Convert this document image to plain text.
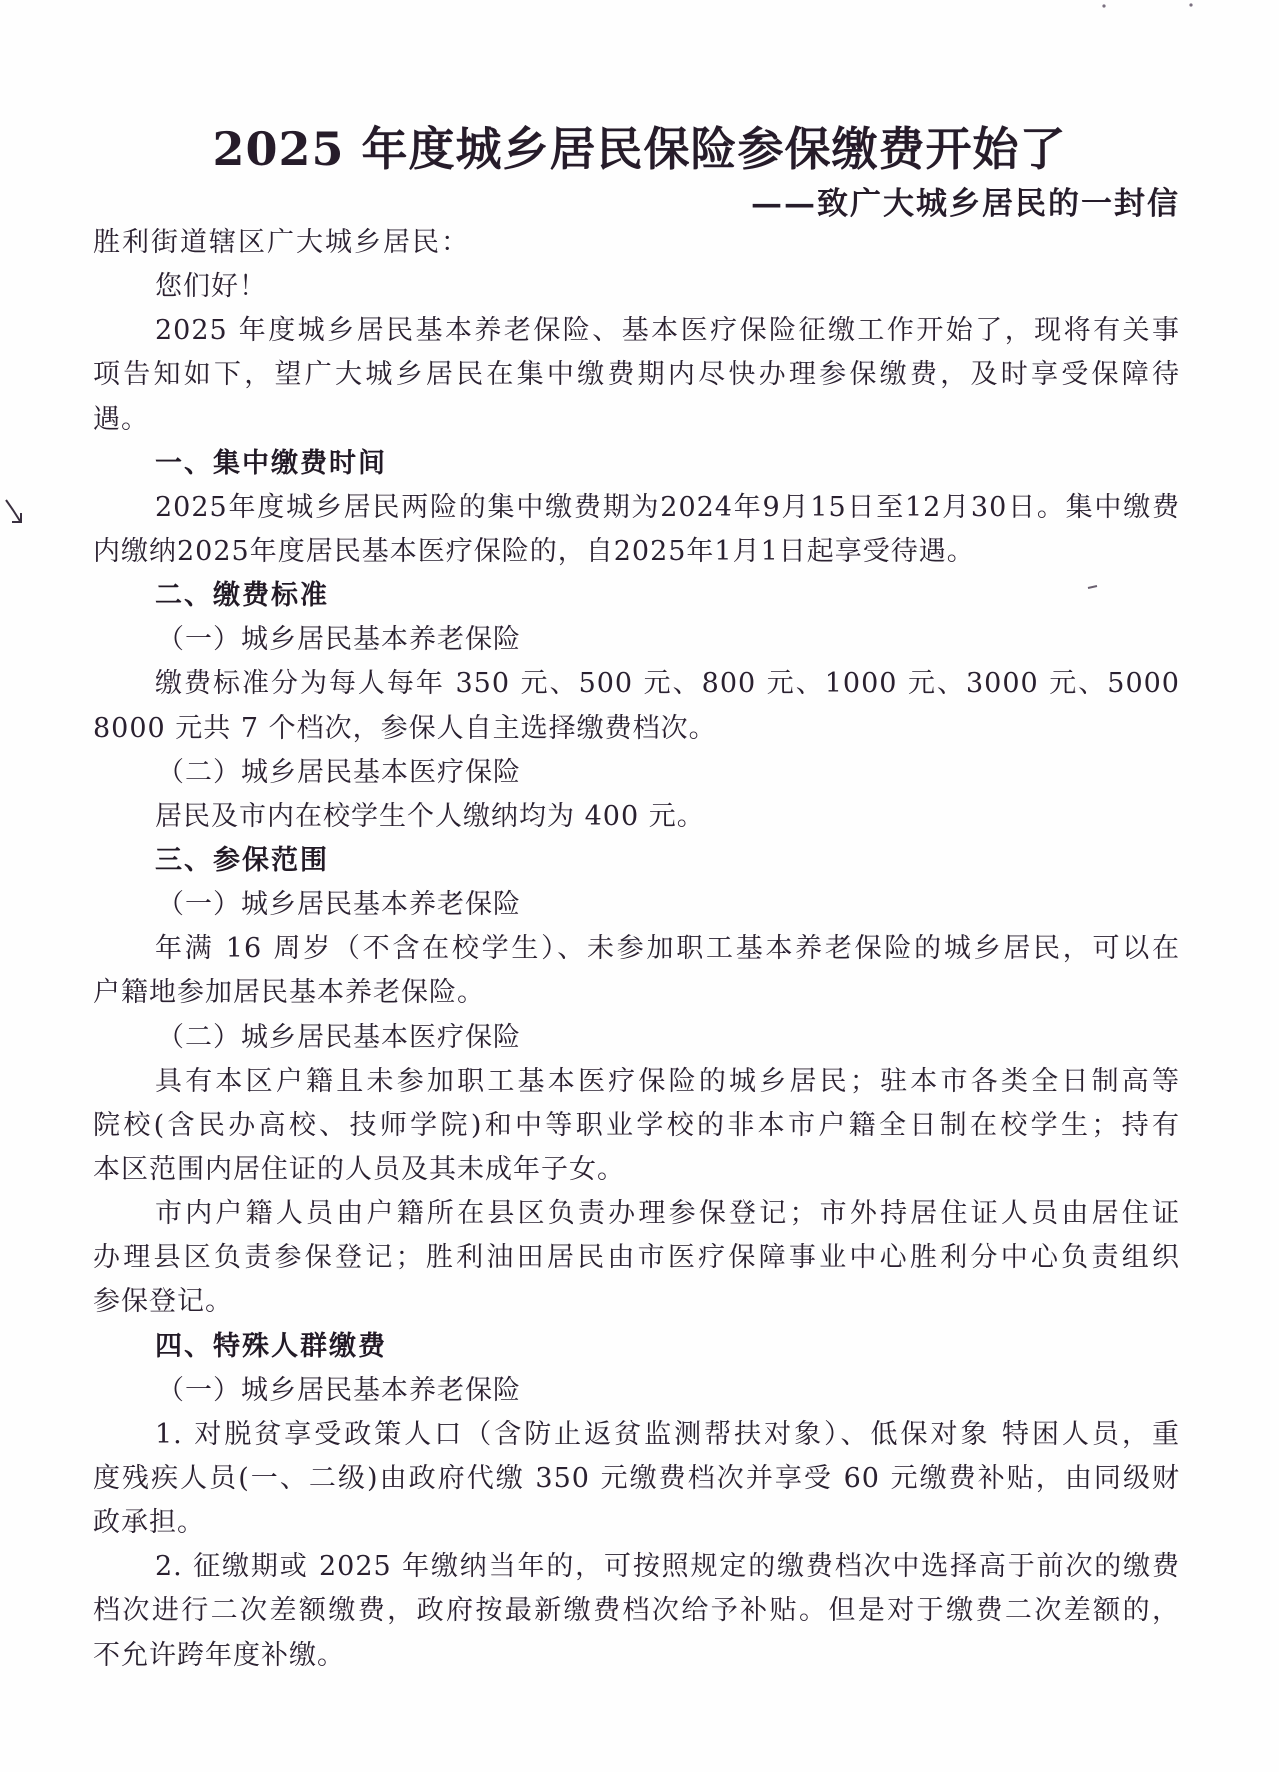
2025 年度城乡居民保险参保缴费开始了
——致广大城乡居民的一封信
胜利街道辖区广大城乡居民：
您们好！
2025 年度城乡居民基本养老保险、基本医疗保险征缴工作开始了，现将有关事
项告知如下，望广大城乡居民在集中缴费期内尽快办理参保缴费，及时享受保障待
遇。
一、集中缴费时间
2025年度城乡居民两险的集中缴费期为2024年9月15日至12月30日。集中缴费
内缴纳2025年度居民基本医疗保险的，自2025年1月1日起享受待遇。
二、缴费标准
（一）城乡居民基本养老保险
缴费标准分为每人每年 350 元、500 元、800 元、1000 元、3000 元、5000
8000 元共 7 个档次，参保人自主选择缴费档次。
（二）城乡居民基本医疗保险
居民及市内在校学生个人缴纳均为 400 元。
三、参保范围
（一）城乡居民基本养老保险
年满 16 周岁（不含在校学生）、未参加职工基本养老保险的城乡居民，可以在
户籍地参加居民基本养老保险。
（二）城乡居民基本医疗保险
具有本区户籍且未参加职工基本医疗保险的城乡居民；驻本市各类全日制高等
院校(含民办高校、技师学院)和中等职业学校的非本市户籍全日制在校学生；持有
本区范围内居住证的人员及其未成年子女。
市内户籍人员由户籍所在县区负责办理参保登记；市外持居住证人员由居住证
办理县区负责参保登记；胜利油田居民由市医疗保障事业中心胜利分中心负责组织
参保登记。
四、特殊人群缴费
（一）城乡居民基本养老保险
1. 对脱贫享受政策人口（含防止返贫监测帮扶对象）、低保对象 特困人员，重
度残疾人员(一、二级)由政府代缴 350 元缴费档次并享受 60 元缴费补贴，由同级财
政承担。
2. 征缴期或 2025 年缴纳当年的，可按照规定的缴费档次中选择高于前次的缴费
档次进行二次差额缴费，政府按最新缴费档次给予补贴。但是对于缴费二次差额的，
不允许跨年度补缴。
